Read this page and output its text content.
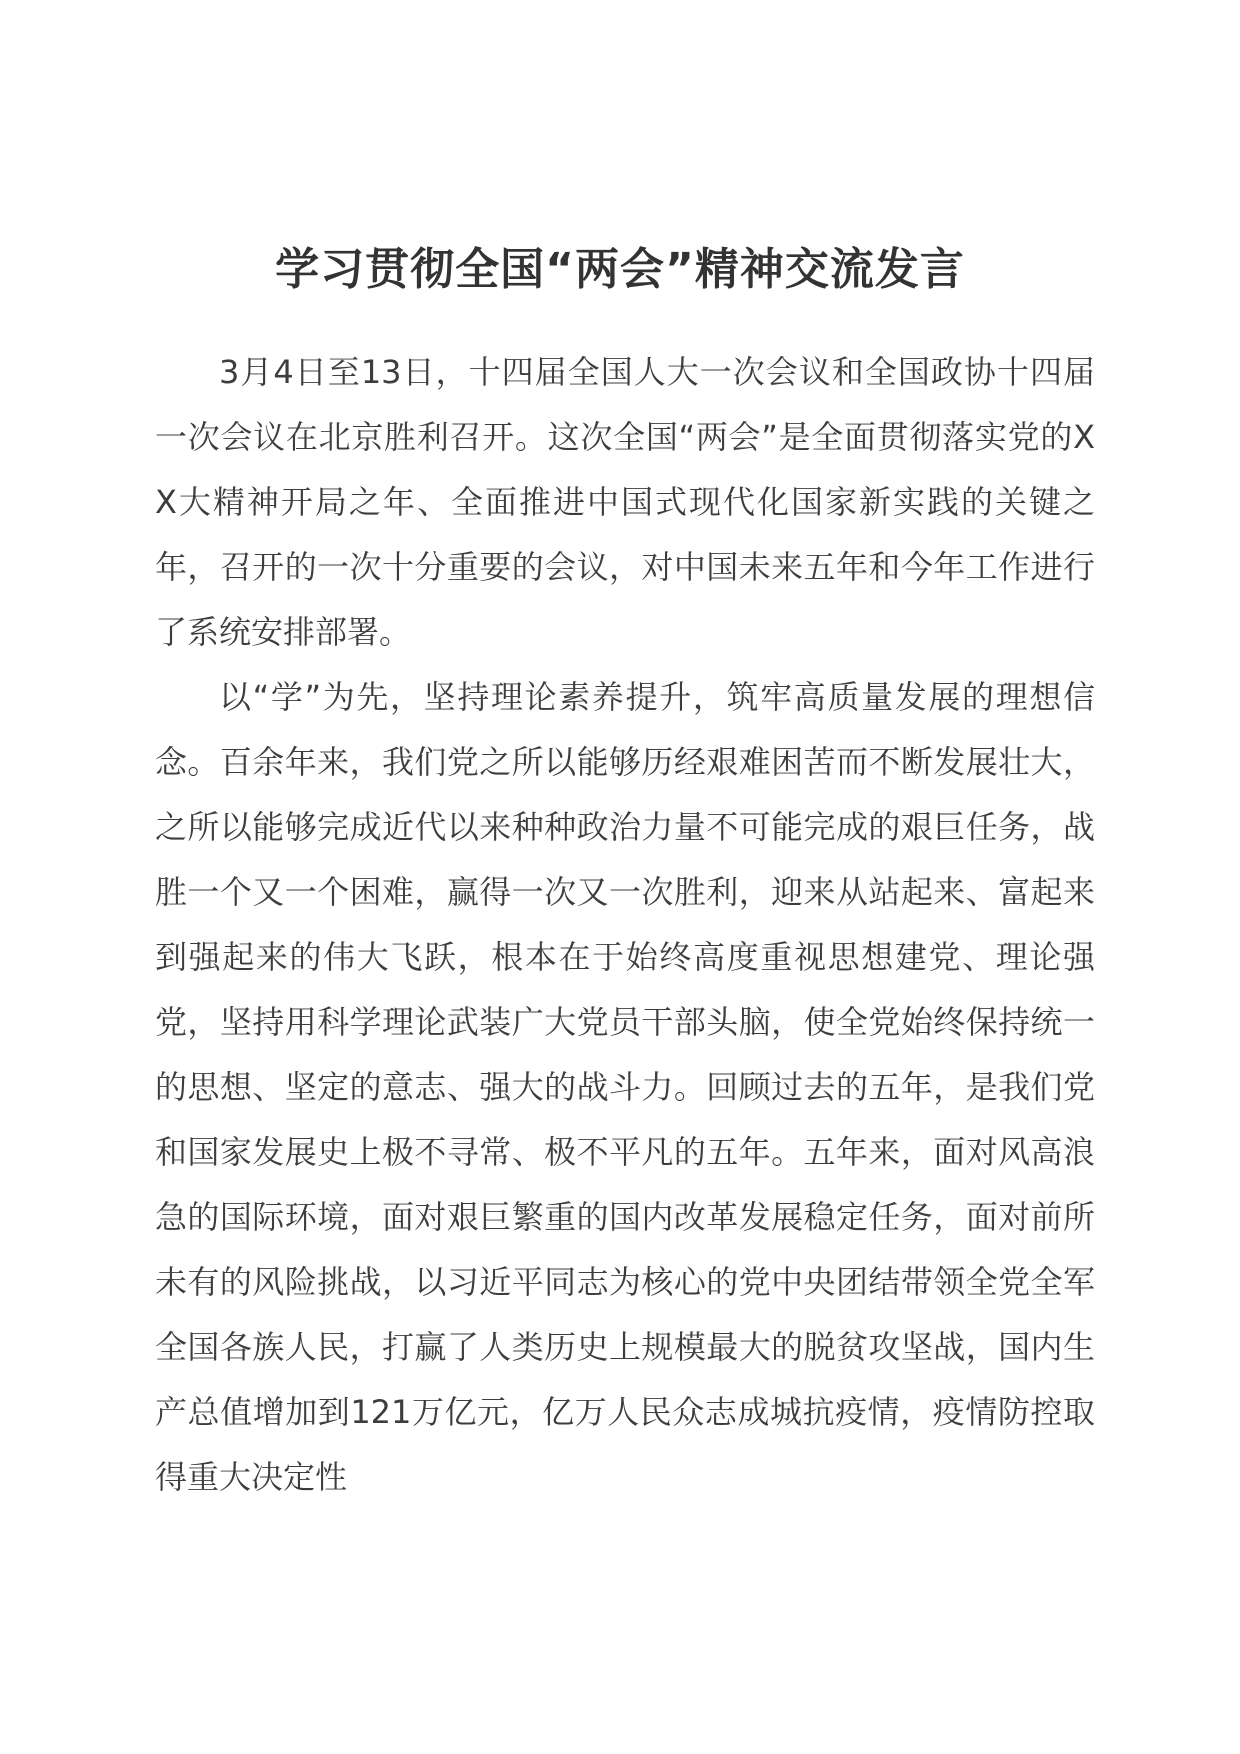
学习贯彻全国“两会”精神交流发言

3月4日至13日，十四届全国人大一次会议和全国政协十四届一次会议在北京胜利召开。这次全国“两会”是全面贯彻落实党的XX大精神开局之年、全面推进中国式现代化国家新实践的关键之年，召开的一次十分重要的会议，对中国未来五年和今年工作进行了系统安排部署。

以“学”为先，坚持理论素养提升，筑牢高质量发展的理想信念。百余年来，我们党之所以能够历经艰难困苦而不断发展壮大，之所以能够完成近代以来种种政治力量不可能完成的艰巨任务，战胜一个又一个困难，赢得一次又一次胜利，迎来从站起来、富起来到强起来的伟大飞跃，根本在于始终高度重视思想建党、理论强党，坚持用科学理论武装广大党员干部头脑，使全党始终保持统一的思想、坚定的意志、强大的战斗力。回顾过去的五年，是我们党和国家发展史上极不寻常、极不平凡的五年。五年来，面对风高浪急的国际环境，面对艰巨繁重的国内改革发展稳定任务，面对前所未有的风险挑战，以习近平同志为核心的党中央团结带领全党全军全国各族人民，打赢了人类历史上规模最大的脱贫攻坚战，国内生产总值增加到121万亿元，亿万人民众志成城抗疫情，疫情防控取得重大决定性
